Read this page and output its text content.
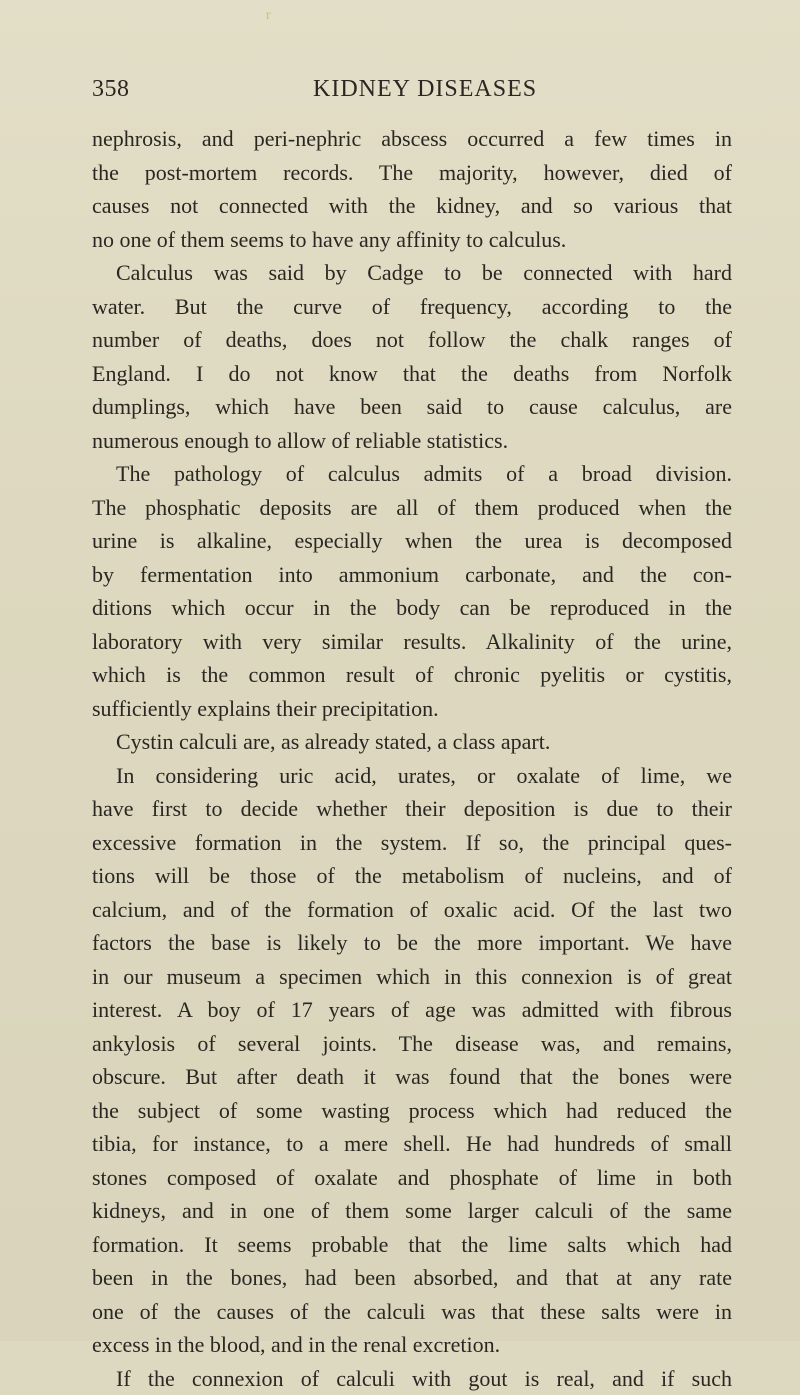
r
358	KIDNEY DISEASES
nephrosis, and peri-nephric abscess occurred a few times in
the post-mortem records. The majority, however, died of
causes not connected with the kidney, and so various that
no one of them seems to have any affinity to calculus.
Calculus was said by Cadge to be connected with hard
water. But the curve of frequency, according to the
number of deaths, does not follow the chalk ranges of
England. I do not know that the deaths from Norfolk
dumplings, which have been said to cause calculus, are
numerous enough to allow of reliable statistics.
The pathology of calculus admits of a broad division.
The phosphatic deposits are all of them produced when the
urine is alkaline, especially when the urea is decomposed
by fermentation into ammonium carbonate, and the con-
ditions which occur in the body can be reproduced in the
laboratory with very similar results. Alkalinity of the urine,
which is the common result of chronic pyelitis or cystitis,
sufficiently explains their precipitation.
Cystin calculi are, as already stated, a class apart.
In considering uric acid, urates, or oxalate of lime, we
have first to decide whether their deposition is due to their
excessive formation in the system. If so, the principal ques-
tions will be those of the metabolism of nucleins, and of
calcium, and of the formation of oxalic acid. Of the last two
factors the base is likely to be the more important. We have
in our museum a specimen which in this connexion is of great
interest. A boy of 17 years of age was admitted with fibrous
ankylosis of several joints. The disease was, and remains,
obscure. But after death it was found that the bones were
the subject of some wasting process which had reduced the
tibia, for instance, to a mere shell. He had hundreds of small
stones composed of oxalate and phosphate of lime in both
kidneys, and in one of them some larger calculi of the same
formation. It seems probable that the lime salts which had
been in the bones, had been absorbed, and that at any rate
one of the causes of the calculi was that these salts were in
excess in the blood, and in the renal excretion.
If the connexion of calculi with gout is real, and if such
